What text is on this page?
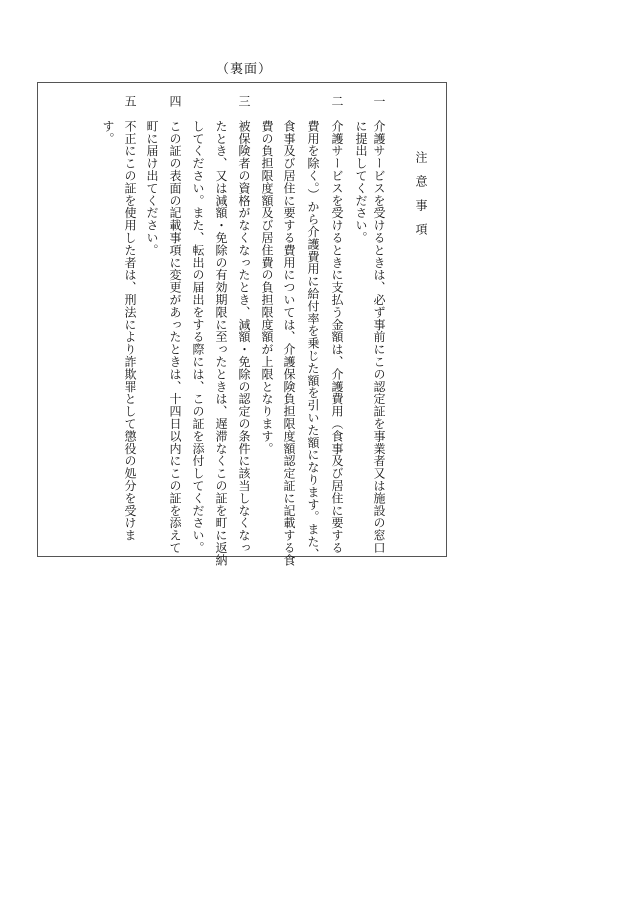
（裏面）
注意事項
一　介護サービスを受けるときは、必ず事前にこの認定証を事業者又は施設の窓口
　　に提出してください。
二　介護サービスを受けるときに支払う金額は、介護費用（食事及び居住に要する
　　費用を除く。）から介護費用に給付率を乗じた額を引いた額になります。また、
　　食事及び居住に要する費用については、介護保険負担限度額認定証に記載する食
　　費の負担限度額及び居住費の負担限度額が上限となります。
三　被保険者の資格がなくなったとき、減額・免除の認定の条件に該当しなくなっ
　　たとき、又は減額・免除の有効期限に至ったときは、遅滞なくこの証を町に返納
　　してください。また、転出の届出をする際には、この証を添付してください。
四　この証の表面の記載事項に変更があったときは、十四日以内にこの証を添えて
　　町に届け出てください。
五　不正にこの証を使用した者は、刑法により詐欺罪として懲役の処分を受けま
　　す。
